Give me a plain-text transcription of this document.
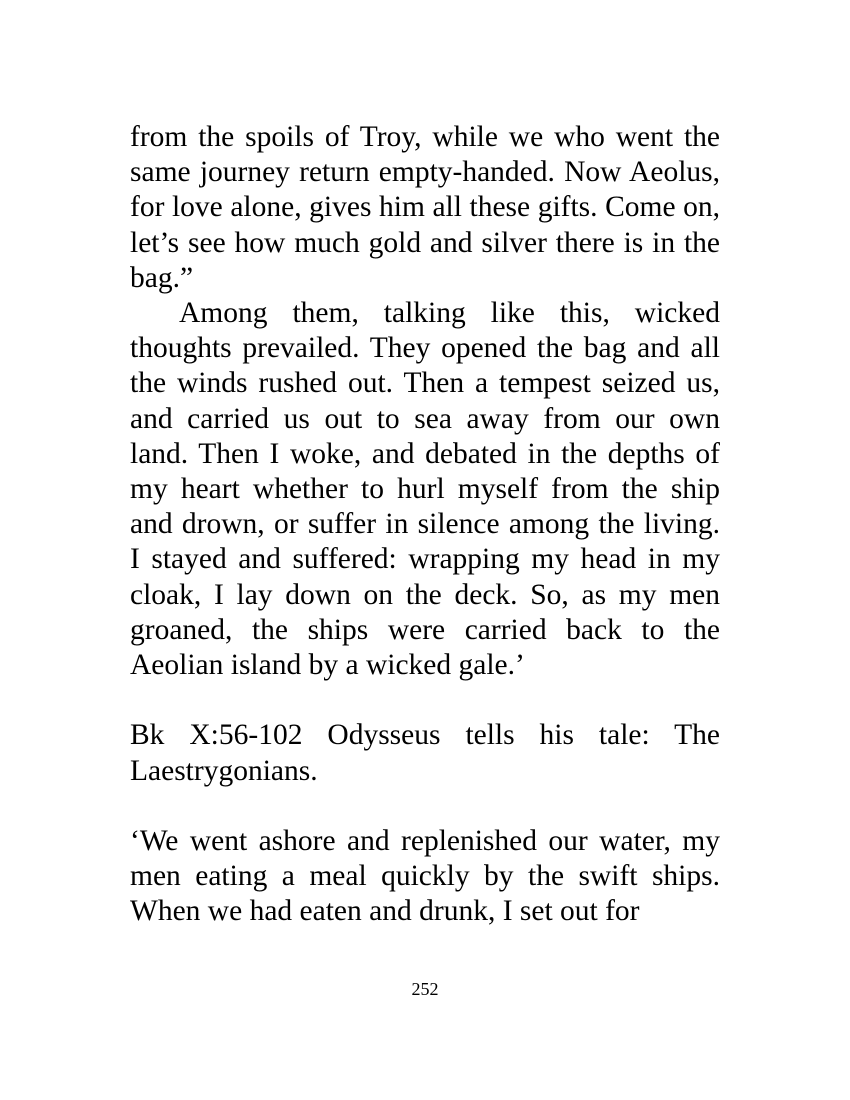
from the spoils of Troy, while we who went the same journey return empty-handed. Now Aeolus, for love alone, gives him all these gifts. Come on, let’s see how much gold and silver there is in the bag.”

Among them, talking like this, wicked thoughts prevailed. They opened the bag and all the winds rushed out. Then a tempest seized us, and carried us out to sea away from our own land. Then I woke, and debated in the depths of my heart whether to hurl myself from the ship and drown, or suffer in silence among the living. I stayed and suffered: wrapping my head in my cloak, I lay down on the deck. So, as my men groaned, the ships were carried back to the Aeolian island by a wicked gale.’

Bk X:56-102 Odysseus tells his tale: The Laestrygonians.

‘We went ashore and replenished our water, my men eating a meal quickly by the swift ships. When we had eaten and drunk, I set out for

252
